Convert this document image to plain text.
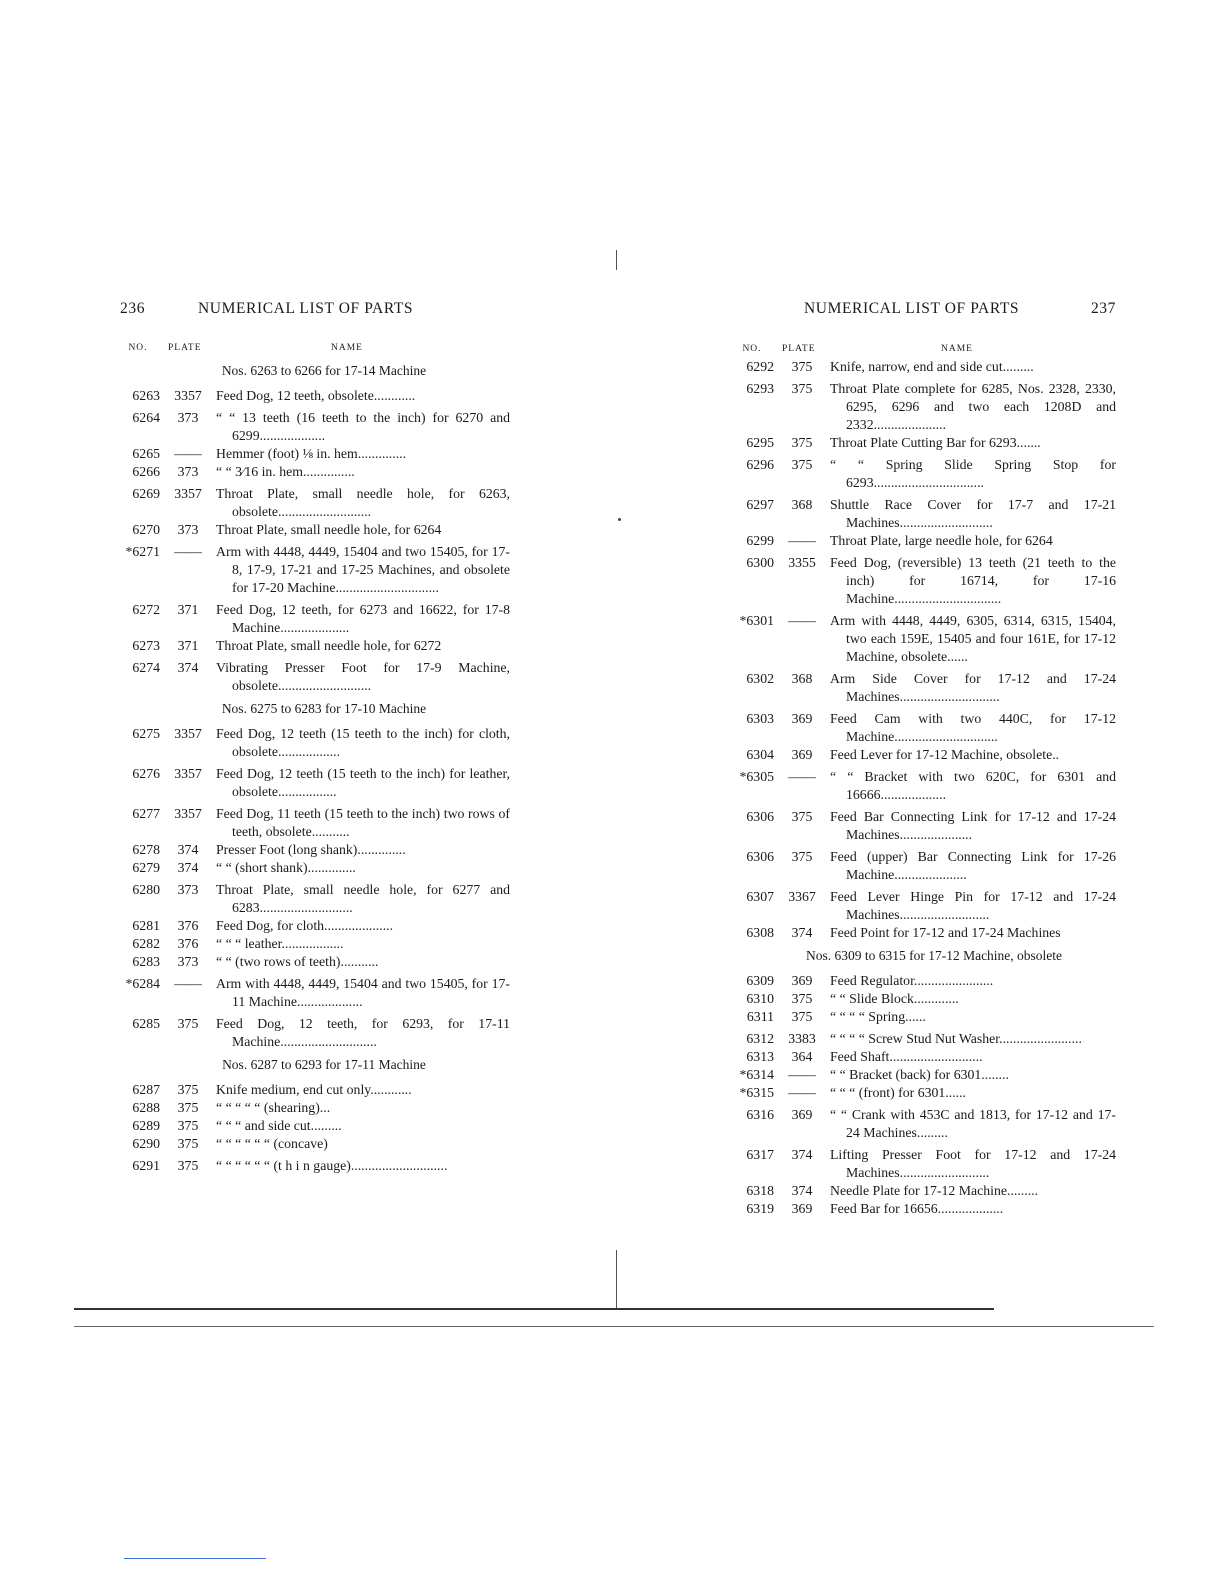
236	NUMERICAL LIST OF PARTS
NO.	PLATE	NAME
Nos. 6263 to 6266 for 17-14 Machine
6263	3357	Feed Dog, 12 teeth, obsolete............
6264	373	“ “ 13 teeth (16 teeth to the inch) for 6270 and 6299...................
6265	——	Hemmer (foot) ⅛ in. hem..............
6266	373	“ “ 3⁄16 in. hem...............
6269	3357	Throat Plate, small needle hole, for 6263, obsolete...........................
6270	373	Throat Plate, small needle hole, for 6264
*6271	——	Arm with 4448, 4449, 15404 and two 15405, for 17-8, 17-9, 17-21 and 17-25 Machines, and obsolete for 17-20 Machine..............................
6272	371	Feed Dog, 12 teeth, for 6273 and 16622, for 17-8 Machine....................
6273	371	Throat Plate, small needle hole, for 6272
6274	374	Vibrating Presser Foot for 17-9 Machine, obsolete...........................
Nos. 6275 to 6283 for 17-10 Machine
6275	3357	Feed Dog, 12 teeth (15 teeth to the inch) for cloth, obsolete..................
6276	3357	Feed Dog, 12 teeth (15 teeth to the inch) for leather, obsolete.................
6277	3357	Feed Dog, 11 teeth (15 teeth to the inch) two rows of teeth, obsolete...........
6278	374	Presser Foot (long shank)..............
6279	374	“ “ (short shank)..............
6280	373	Throat Plate, small needle hole, for 6277 and 6283...........................
6281	376	Feed Dog, for cloth....................
6282	376	“ “ “ leather..................
6283	373	“ “ (two rows of teeth)...........
*6284	——	Arm with 4448, 4449, 15404 and two 15405, for 17-11 Machine...................
6285	375	Feed Dog, 12 teeth, for 6293, for 17-11 Machine............................
Nos. 6287 to 6293 for 17-11 Machine
6287	375	Knife medium, end cut only............
6288	375	“ “ “ “ “ (shearing)...
6289	375	“ “ “ and side cut.........
6290	375	“ “ “ “ “ “ (concave)
6291	375	“ “ “ “ “ “ (t h i n gauge)............................
NUMERICAL LIST OF PARTS	237
NO.	PLATE	NAME
6292	375	Knife, narrow, end and side cut.........
6293	375	Throat Plate complete for 6285, Nos. 2328, 2330, 6295, 6296 and two each 1208D and 2332.....................
6295	375	Throat Plate Cutting Bar for 6293.......
6296	375	“ “ Spring Slide Spring Stop for 6293................................
6297	368	Shuttle Race Cover for 17-7 and 17-21 Machines...........................
6299	——	Throat Plate, large needle hole, for 6264
6300	3355	Feed Dog, (reversible) 13 teeth (21 teeth to the inch) for 16714, for 17-16 Machine...............................
*6301	——	Arm with 4448, 4449, 6305, 6314, 6315, 15404, two each 159E, 15405 and four 161E, for 17-12 Machine, obsolete......
6302	368	Arm Side Cover for 17-12 and 17-24 Machines.............................
6303	369	Feed Cam with two 440C, for 17-12 Machine..............................
6304	369	Feed Lever for 17-12 Machine, obsolete..
*6305	——	“ “ Bracket with two 620C, for 6301 and 16666...................
6306	375	Feed Bar Connecting Link for 17-12 and 17-24 Machines.....................
6306	375	Feed (upper) Bar Connecting Link for 17-26 Machine.....................
6307	3367	Feed Lever Hinge Pin for 17-12 and 17-24 Machines..........................
6308	374	Feed Point for 17-12 and 17-24 Machines
Nos. 6309 to 6315 for 17-12 Machine, obsolete
6309	369	Feed Regulator.......................
6310	375	“ “ Slide Block.............
6311	375	“ “ “ “ Spring......
6312	3383	“ “ “ “ Screw Stud Nut Washer........................
6313	364	Feed Shaft...........................
*6314	——	“ “ Bracket (back) for 6301........
*6315	——	“ “ “ (front) for 6301......
6316	369	“ “ Crank with 453C and 1813, for 17-12 and 17-24 Machines.........
6317	374	Lifting Presser Foot for 17-12 and 17-24 Machines..........................
6318	374	Needle Plate for 17-12 Machine.........
6319	369	Feed Bar for 16656...................
